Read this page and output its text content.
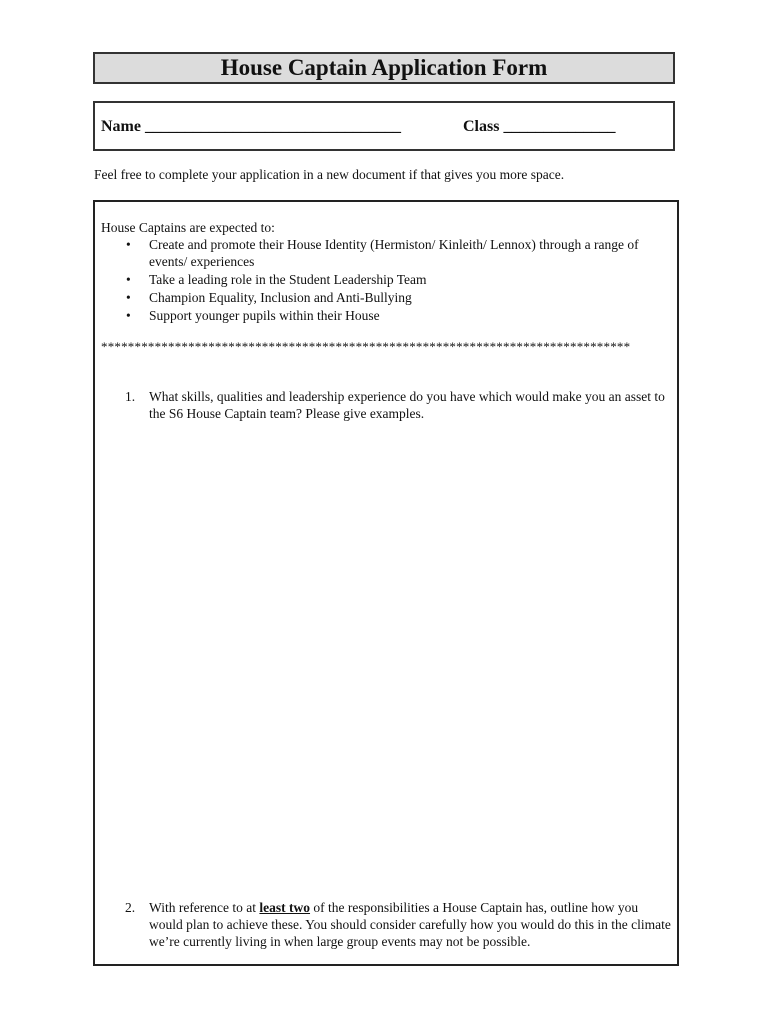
House Captain Application Form
Name ________________________________	Class ______________
Feel free to complete your application in a new document if that gives you more space.
House Captains are expected to:
• Create and promote their House Identity (Hermiston/ Kinleith/ Lennox) through a range of events/ experiences
• Take a leading role in the Student Leadership Team
• Champion Equality, Inclusion and Anti-Bullying
• Support younger pupils within their House
*******************************************************************************
1.	What skills, qualities and leadership experience do you have which would make you an asset to the S6 House Captain team? Please give examples.
2.	With reference to at least two of the responsibilities a House Captain has, outline how you would plan to achieve these. You should consider carefully how you would do this in the climate we’re currently living in when large group events may not be possible.
